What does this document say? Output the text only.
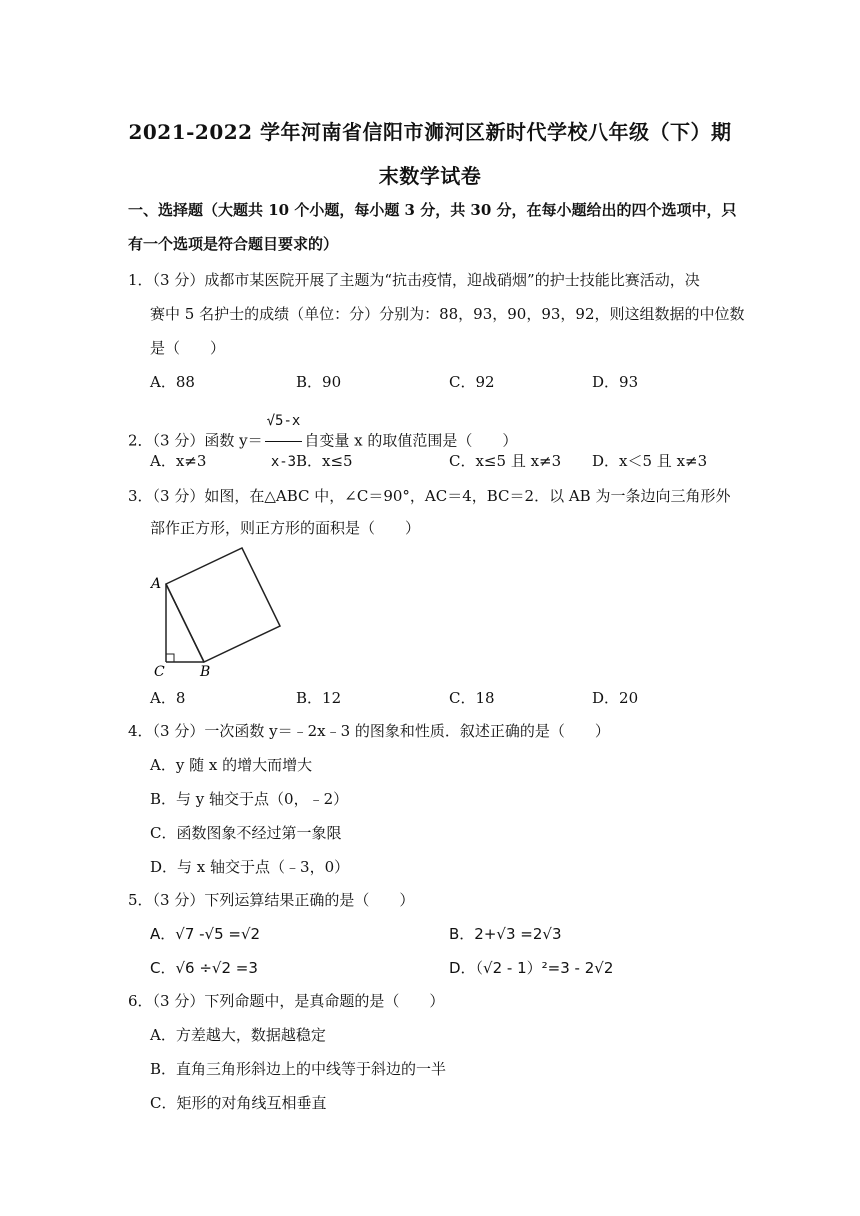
2021-2022 学年河南省信阳市浉河区新时代学校八年级（下）期
末数学试卷
一、选择题（大题共 10 个小题，每小题 3 分，共 30 分，在每小题给出的四个选项中，只
有一个选项是符合题目要求的）
1．（3 分）成都市某医院开展了主题为“抗击疫情，迎战硝烟”的护士技能比赛活动，决
赛中 5 名护士的成绩（单位：分）分别为：88，93，90，93，92，则这组数据的中位数
是（　　）
A．88	B．90	C．92	D．93
2．（3 分）函数 $y= \frac{√5-x}{x-3}$ 自变量 x 的取值范围是（　　）
A．x≠3	B．x≤5	C．x≤5 且 x≠3 D．x＜5 且 x≠3
3．（3 分）如图，在△ABC 中，∠C＝90°，AC＝4，BC＝2．以 AB 为一条边向三角形外
部作正方形，则正方形的面积是（　　）
A
C	B
A．8	B．12	C．18	D．20
4．（3 分）一次函数 y＝﹣2x﹣3 的图象和性质．叙述正确的是（　　）
A．y 随 x 的增大而增大
B．与 y 轴交于点（0，﹣2）
C．函数图象不经过第一象限
D．与 x 轴交于点（﹣3，0）
5．（3 分）下列运算结果正确的是（　　）
A．√7 -√5 =√2	B．2+√3 =2√3
C．√6 ÷√2 =3	D．（√2 - 1）²=3 - 2√2
6．（3 分）下列命题中，是真命题的是（　　）
A．方差越大，数据越稳定
B．直角三角形斜边上的中线等于斜边的一半
C．矩形的对角线互相垂直
